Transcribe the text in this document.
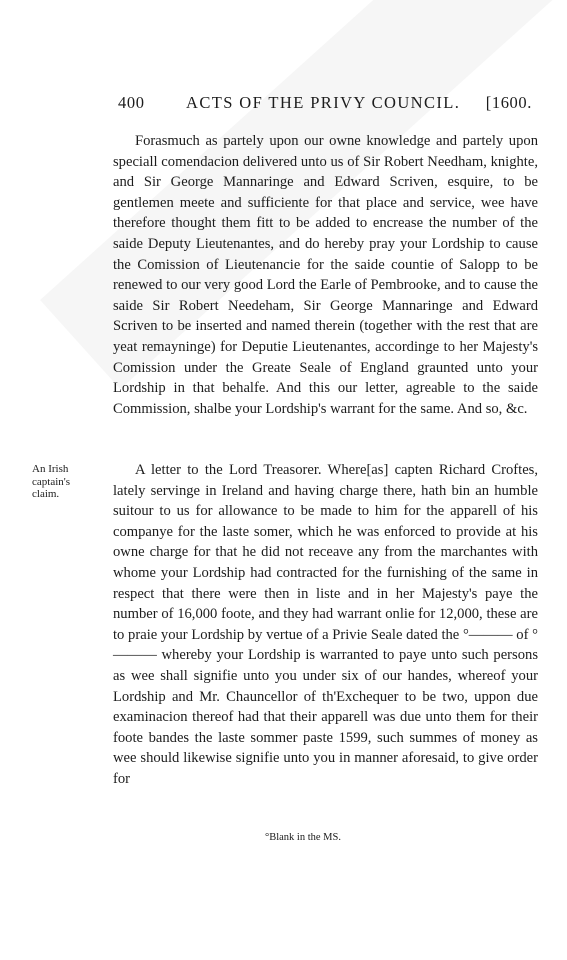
400	ACTS OF THE PRIVY COUNCIL. [1600.

Forasmuch as partely upon our owne knowledge and partely upon speciall comendacion delivered unto us of Sir Robert Needham, knighte, and Sir George Mannaringe and Edward Scriven, esquire, to be gentlemen meete and sufficiente for that place and service, wee have therefore thought them fitt to be added to encrease the number of the saide Deputy Lieutenantes, and do hereby pray your Lordship to cause the Comission of Lieutenancie for the saide countie of Salopp to be renewed to our very good Lord the Earle of Pembrooke, and to cause the saide Sir Robert Needeham, Sir George Mannaringe and Edward Scriven to be inserted and named therein (together with the rest that are yeat remayninge) for Deputie Lieutenantes, accordinge to her Majesty's Comission under the Greate Seale of England graunted unto your Lordship in that behalfe. And this our letter, agreable to the saide Commission, shalbe your Lordship's warrant for the same. And so, &c.

An Irish captain's claim.

A letter to the Lord Treasorer. Where[as] capten Richard Croftes, lately servinge in Ireland and having charge there, hath bin an humble suitour to us for allowance to be made to him for the apparell of his companye for the laste somer, which he was enforced to provide at his owne charge for that he did not receave any from the marchantes with whome your Lordship had contracted for the furnishing of the same in respect that there were then in liste and in her Majesty's paye the number of 16,000 foote, and they had warrant onlie for 12,000, these are to praie your Lordship by vertue of a Privie Seale dated the °——— of °——— whereby your Lordship is warranted to paye unto such persons as wee shall signifie unto you under six of our handes, whereof your Lordship and Mr. Chauncellor of th'Exchequer to be two, uppon due examinacion thereof had that their apparell was due unto them for their foote bandes the laste sommer paste 1599, such summes of money as wee should likewise signifie unto you in manner aforesaid, to give order for

°Blank in the MS.
